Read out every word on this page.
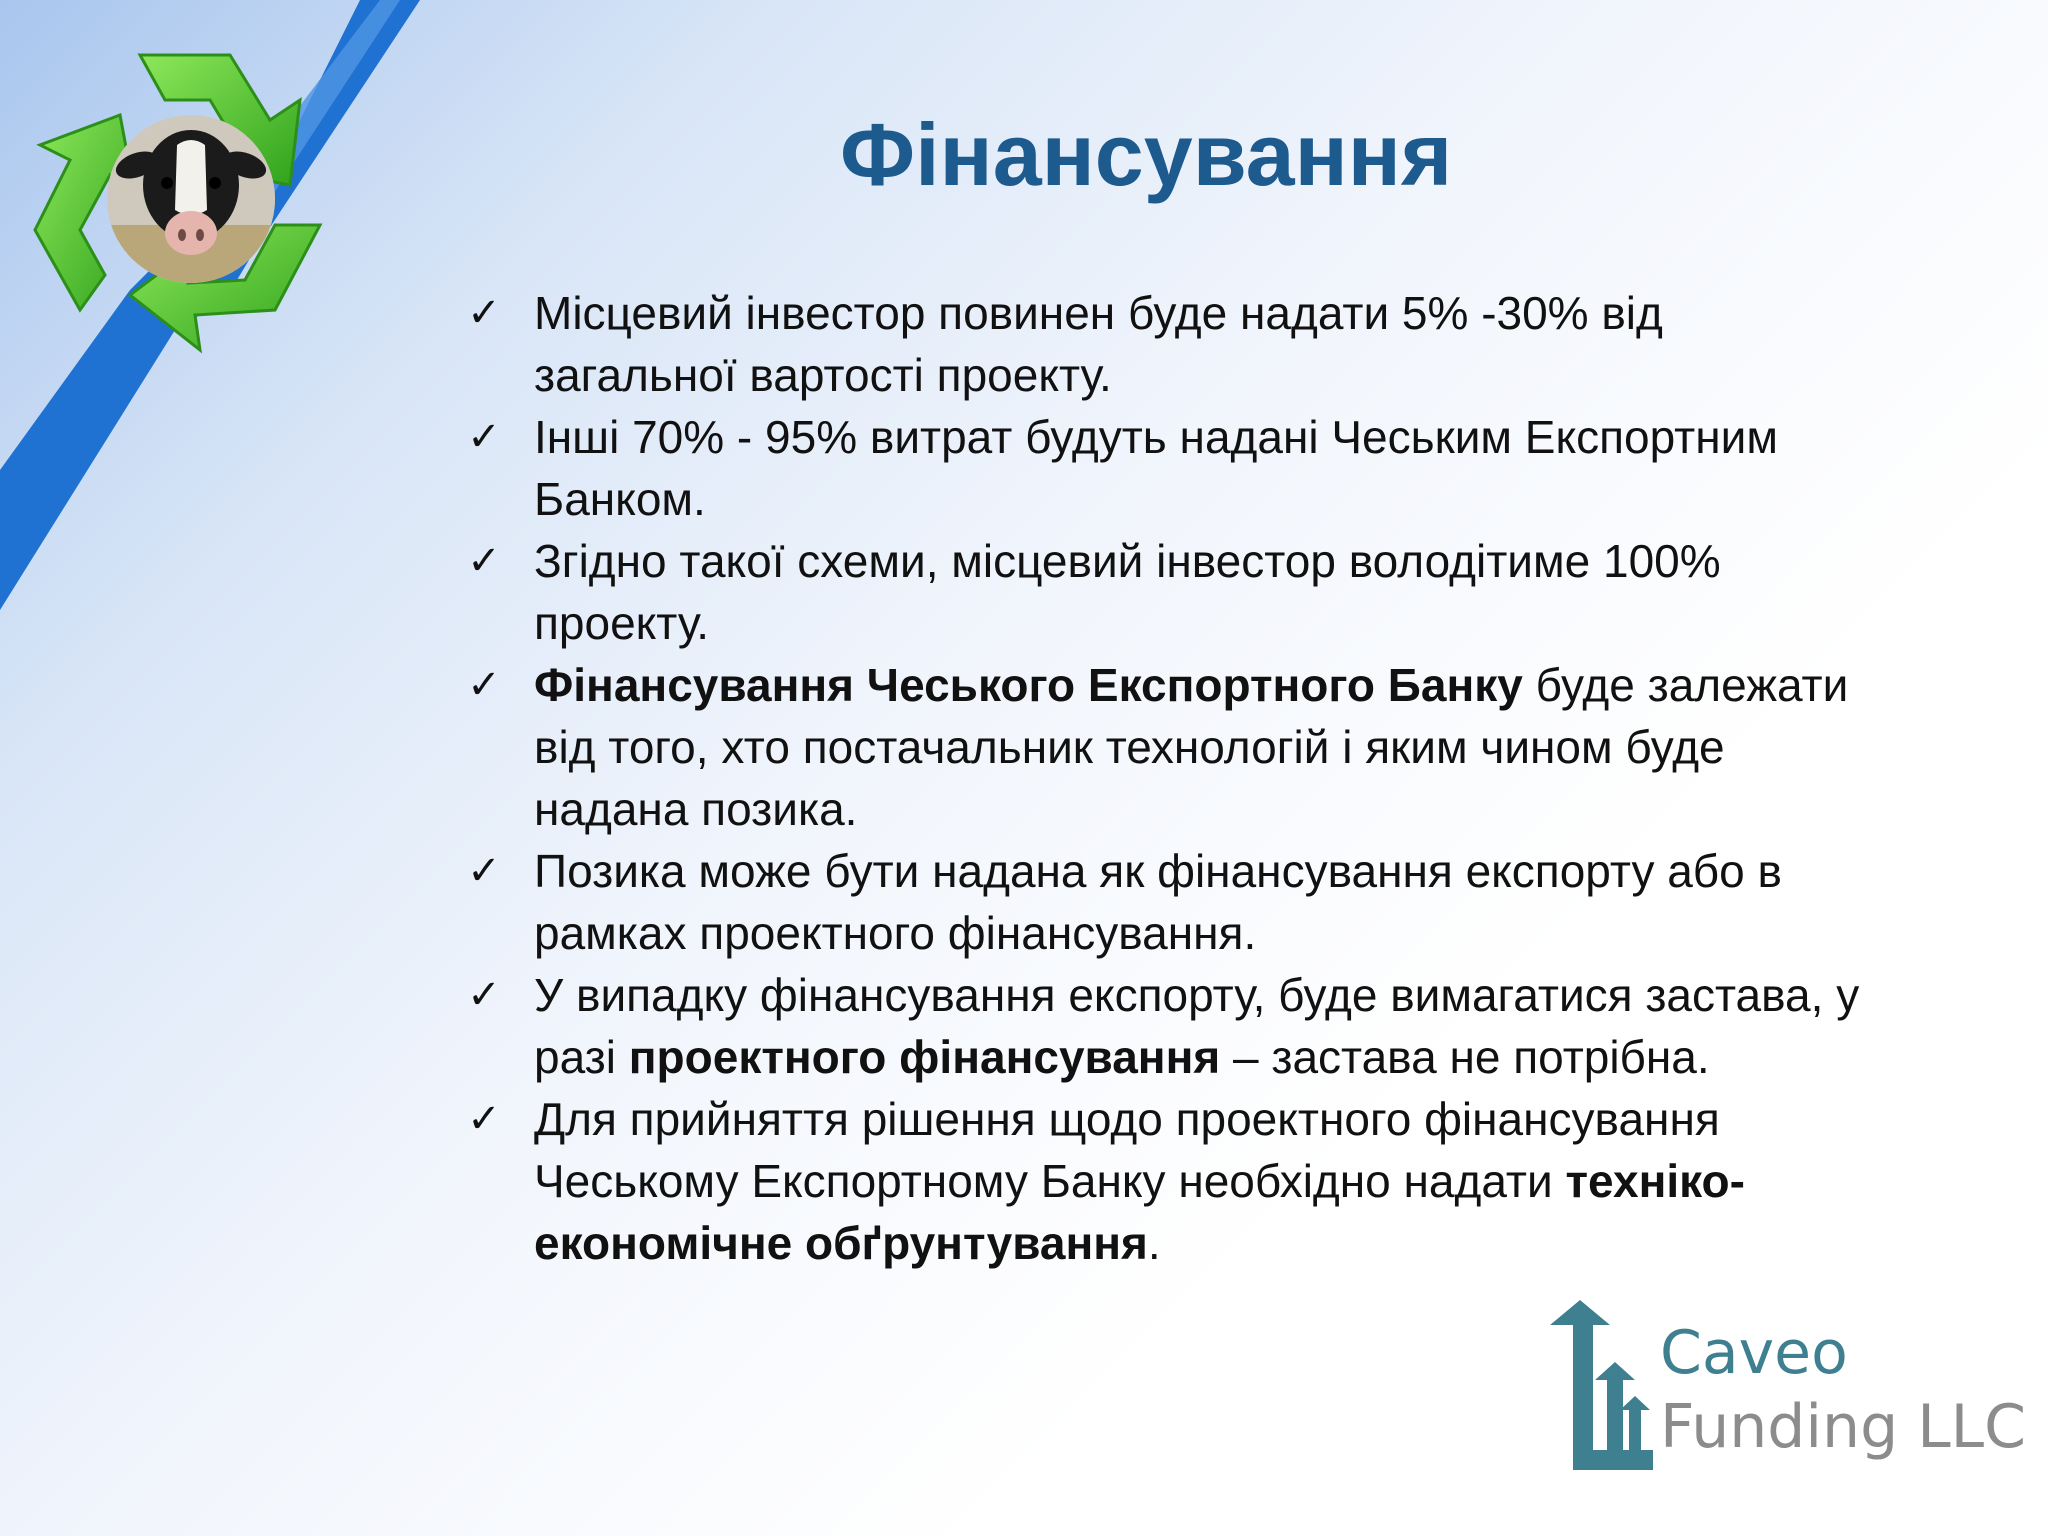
Фінансування
✓ Місцевий інвестор повинен буде надати 5% -30% від загальної вартості проекту.
✓ Інші 70% - 95% витрат будуть надані Чеським Експортним Банком.
✓ Згідно такої схеми, місцевий інвестор володітиме 100% проекту.
✓ Фінансування Чеського Експортного Банку буде залежати від того, хто постачальник технологій і яким чином буде надана позика.
✓ Позика може бути надана як фінансування експорту або в рамках проектного фінансування.
✓ У випадку фінансування експорту, буде вимагатися застава, у разі проектного фінансування – застава не потрібна.
✓ Для прийняття рішення щодо проектного фінансування Чеському Експортному Банку необхідно надати техніко-економічне обґрунтування.
Caveo
Funding LLC
